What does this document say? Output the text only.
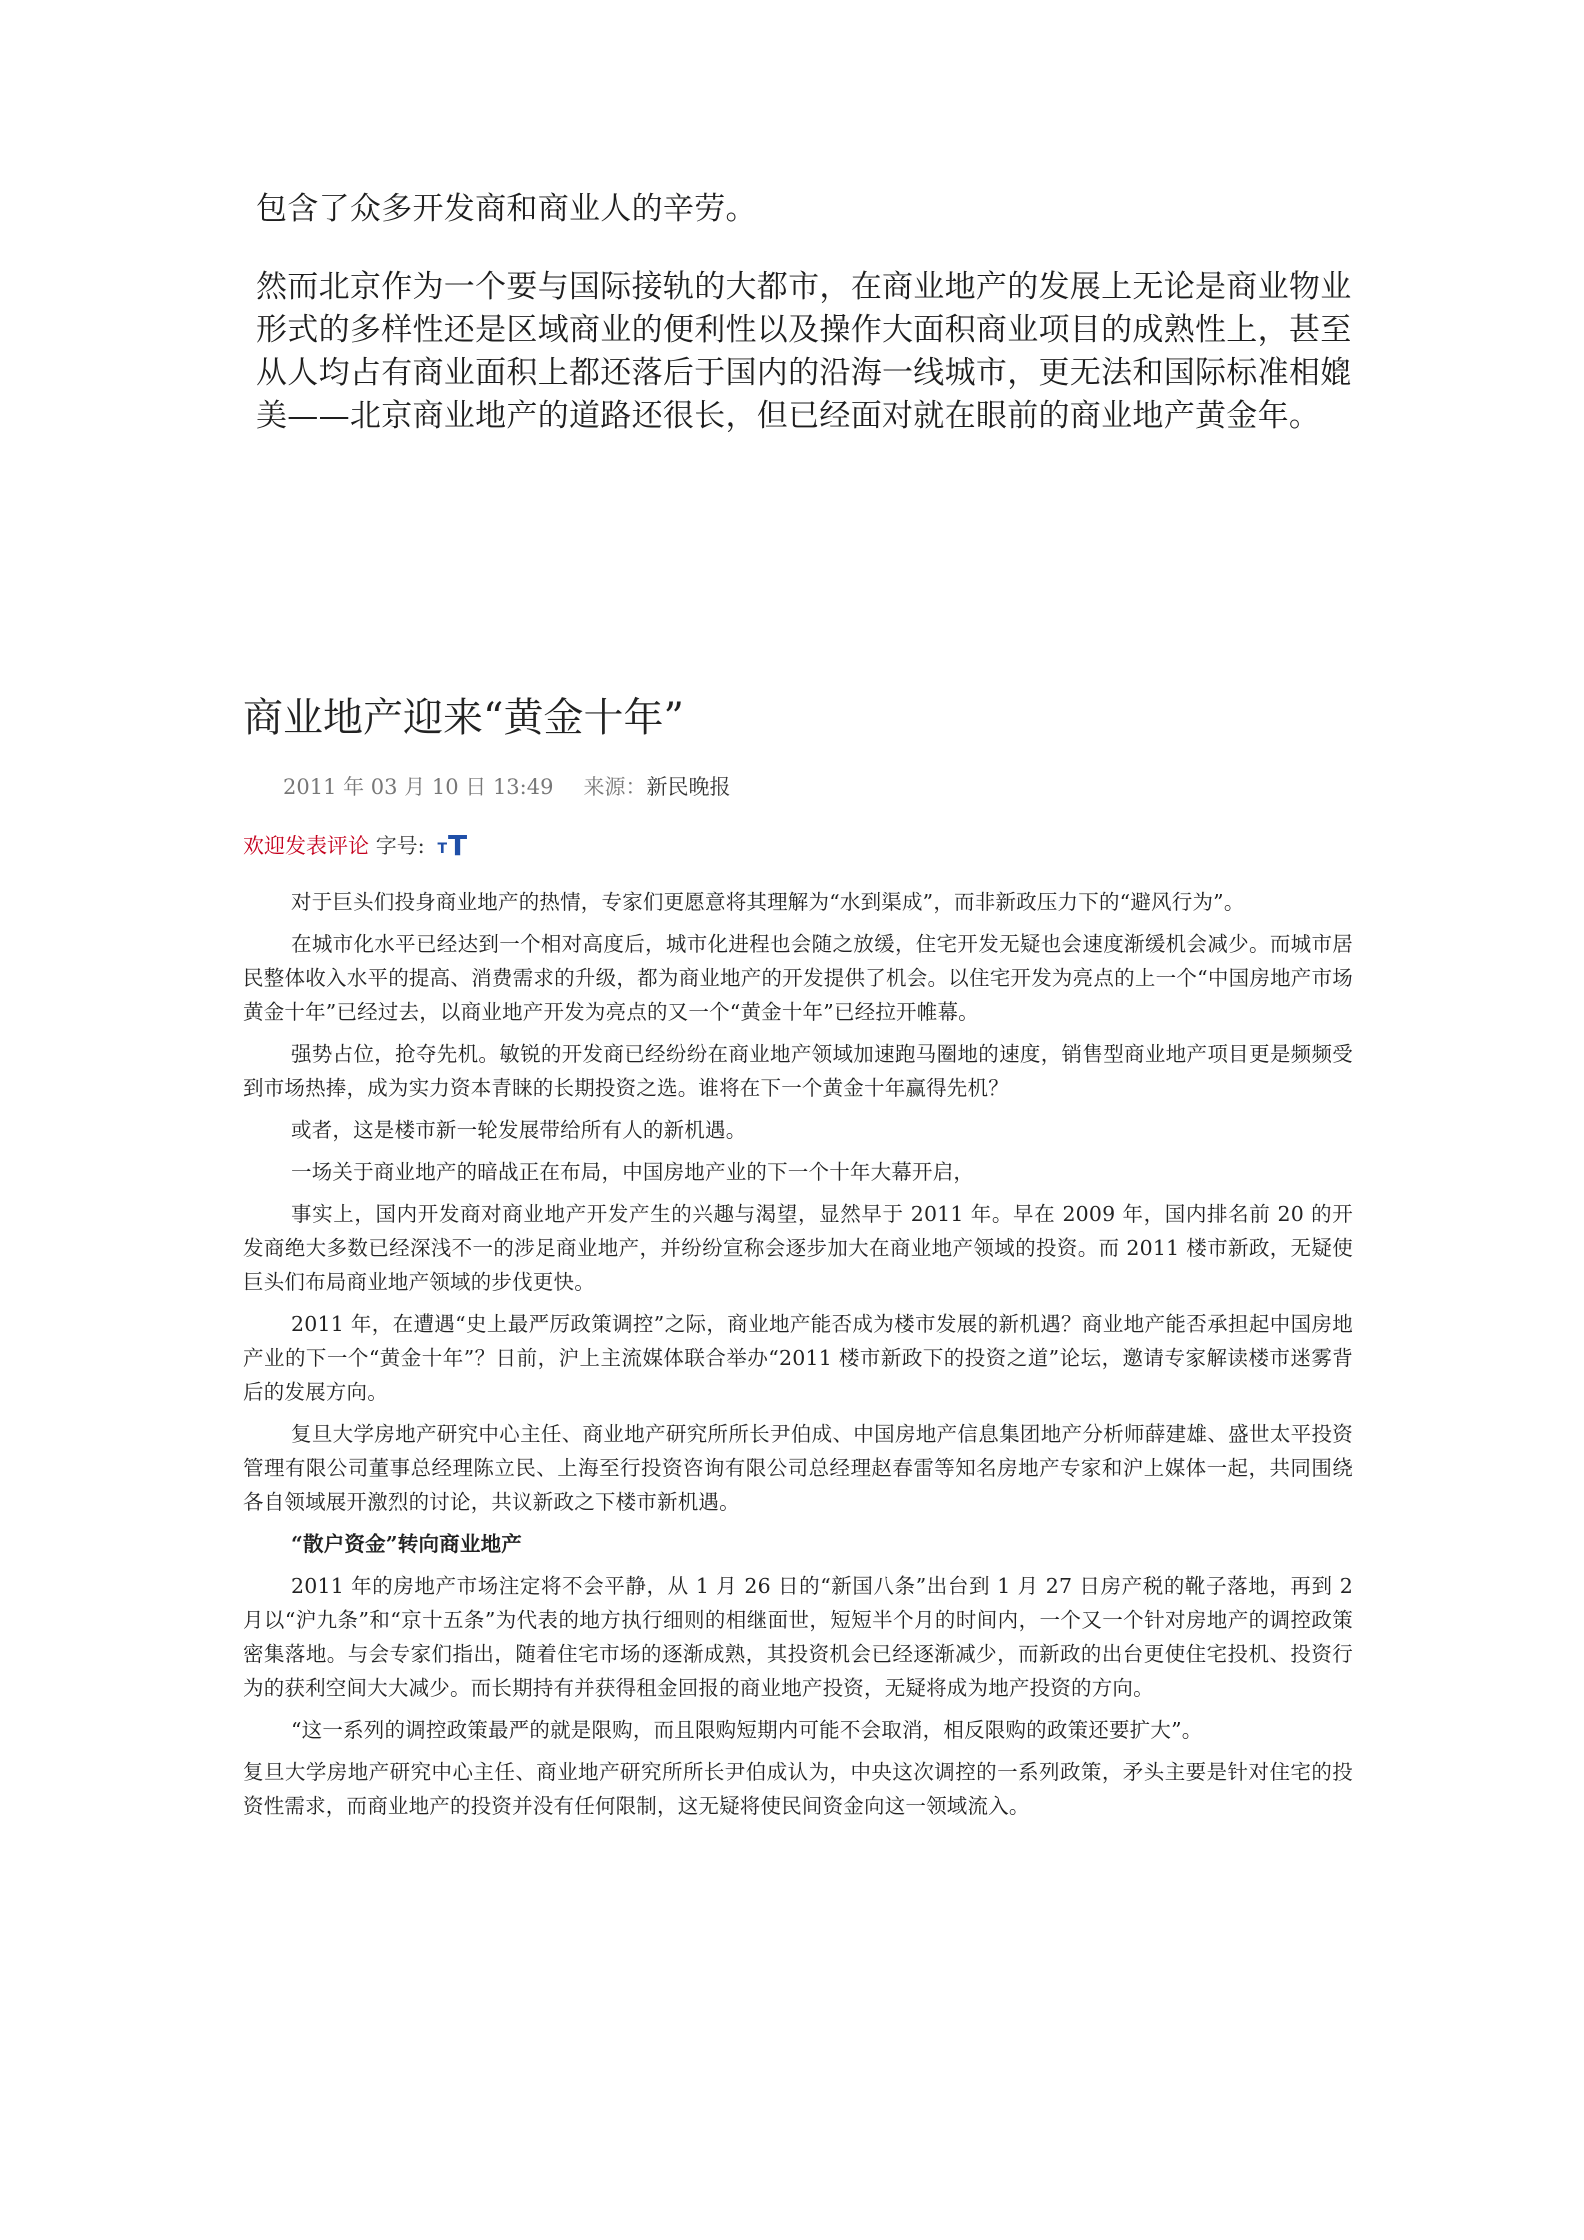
包含了众多开发商和商业人的辛劳。

然而北京作为一个要与国际接轨的大都市，在商业地产的发展上无论是商业物业形式的多样性还是区域商业的便利性以及操作大面积商业项目的成熟性上，甚至从人均占有商业面积上都还落后于国内的沿海一线城市，更无法和国际标准相媲美——北京商业地产的道路还很长，但已经面对就在眼前的商业地产黄金年。

商业地产迎来“黄金十年”
2011 年 03 月 10 日 13:49 来源：新民晚报
欢迎发表评论 字号: TT

对于巨头们投身商业地产的热情，专家们更愿意将其理解为“水到渠成”，而非新政压力下的“避风行为”。

在城市化水平已经达到一个相对高度后，城市化进程也会随之放缓，住宅开发无疑也会速度渐缓机会减少。而城市居民整体收入水平的提高、消费需求的升级，都为商业地产的开发提供了机会。以住宅开发为亮点的上一个“中国房地产市场黄金十年”已经过去，以商业地产开发为亮点的又一个“黄金十年”已经拉开帷幕。

强势占位，抢夺先机。敏锐的开发商已经纷纷在商业地产领域加速跑马圈地的速度，销售型商业地产项目更是频频受到市场热捧，成为实力资本青睐的长期投资之选。谁将在下一个黄金十年赢得先机？

或者，这是楼市新一轮发展带给所有人的新机遇。

一场关于商业地产的暗战正在布局，中国房地产业的下一个十年大幕开启，

事实上，国内开发商对商业地产开发产生的兴趣与渴望，显然早于 2011 年。早在 2009 年，国内排名前 20 的开发商绝大多数已经深浅不一的涉足商业地产，并纷纷宣称会逐步加大在商业地产领域的投资。而 2011 楼市新政，无疑使巨头们布局商业地产领域的步伐更快。

2011 年，在遭遇“史上最严厉政策调控”之际，商业地产能否成为楼市发展的新机遇？商业地产能否承担起中国房地产业的下一个“黄金十年”？日前，沪上主流媒体联合举办“2011 楼市新政下的投资之道”论坛，邀请专家解读楼市迷雾背后的发展方向。

复旦大学房地产研究中心主任、商业地产研究所所长尹伯成、中国房地产信息集团地产分析师薛建雄、盛世太平投资管理有限公司董事总经理陈立民、上海至行投资咨询有限公司总经理赵春雷等知名房地产专家和沪上媒体一起，共同围绕各自领域展开激烈的讨论，共议新政之下楼市新机遇。

“散户资金”转向商业地产

2011 年的房地产市场注定将不会平静，从 1 月 26 日的“新国八条”出台到 1 月 27 日房产税的靴子落地，再到 2 月以“沪九条”和“京十五条”为代表的地方执行细则的相继面世，短短半个月的时间内，一个又一个针对房地产的调控政策密集落地。与会专家们指出，随着住宅市场的逐渐成熟，其投资机会已经逐渐减少，而新政的出台更使住宅投机、投资行为的获利空间大大减少。而长期持有并获得租金回报的商业地产投资，无疑将成为地产投资的方向。

“这一系列的调控政策最严的就是限购，而且限购短期内可能不会取消，相反限购的政策还要扩大”。

复旦大学房地产研究中心主任、商业地产研究所所长尹伯成认为，中央这次调控的一系列政策，矛头主要是针对住宅的投资性需求，而商业地产的投资并没有任何限制，这无疑将使民间资金向这一领域流入。
